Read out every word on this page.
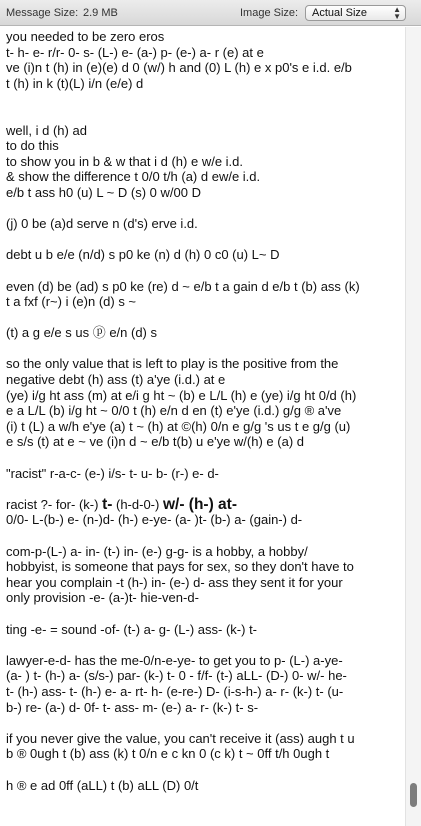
Message Size: 2.9 MB	Image Size: Actual Size	▲
▼
you needed to be zero eros
t- h- e- r/r- 0- s- (L-) e- (a-) p- (e-) a- r (e) at e
ve (i)n t (h) in (e)(e) d 0 (w/) h and (0) L (h) e x p0's e i.d. e/b
t (h) in k (t)(L) i/n (e/e) d
well, i d (h) ad
to do this
to show you in b & w that i d (h) e w/e i.d.
& show the difference t 0/0 t/h (a) d ew/e i.d.
e/b t ass h0 (u) L ~ D (s) 0 w/00 D
(j) 0 be (a)d serve n (d's) erve i.d.
debt u b e/e (n/d) s p0 ke (n) d (h) 0 c0 (u) L~ D
even (d) be (ad) s p0 ke (re) d ~ e/b t a gain d e/b t (b) ass (k)
t a fxf (r~) i (e)n (d) s ~
(t) a g e/e s us ⓟ e/n (d) s
so the only value that is left to play is the positive from the
negative debt (h) ass (t) a'ye (i.d.) at e
(ye) i/g ht ass (m) at e/i g ht ~ (b) e L/L (h) e (ye) i/g ht 0/d (h)
e a L/L (b) i/g ht ~ 0/0 t (h) e/n d en (t) e'ye (i.d.) g/g ® a've
(i) t (L) a w/h e'ye (a) t ~ (h) at ©(h) 0/n e g/g 's us t e g/g (u)
e s/s (t) at e ~ ve (i)n d ~ e/b t(b) u e'ye w/(h) e (a) d
"racist" r-a-c- (e-) i/s- t- u- b- (r-) e- d-
racist ?- for- (k-) t- (h-d-0-) w/- (h-) at-
0/0- L-(b-) e- (n-)d- (h-) e-ye- (a- )t- (b-) a- (gain-) d-
com-p-(L-) a- in- (t-) in- (e-) g-g- is a hobby, a hobby/
hobbyist, is someone that pays for sex, so they don't have to
hear you complain -t (h-) in- (e-) d- ass they sent it for your
only provision -e- (a-)t- hie-ven-d-
ting -e- = sound -of- (t-) a- g- (L-) ass- (k-) t-
lawyer-e-d- has the me-0/n-e-ye- to get you to p- (L-) a-ye-
(a- ) t- (h-) a- (s/s-) par- (k-) t- 0 - f/f- (t-) aLL- (D-) 0- w/- he-
t- (h-) ass- t- (h-) e- a- rt- h- (e-re-) D- (i-s-h-) a- r- (k-) t- (u-
b-) re- (a-) d- 0f- t- ass- m- (e-) a- r- (k-) t- s-
if you never give the value, you can't receive it (ass) augh t u
b ® 0ugh t (b) ass (k) t 0/n e c kn 0 (c k) t ~ 0ff t/h 0ugh t
h ® e ad 0ff (aLL) t (b) aLL (D) 0/t
